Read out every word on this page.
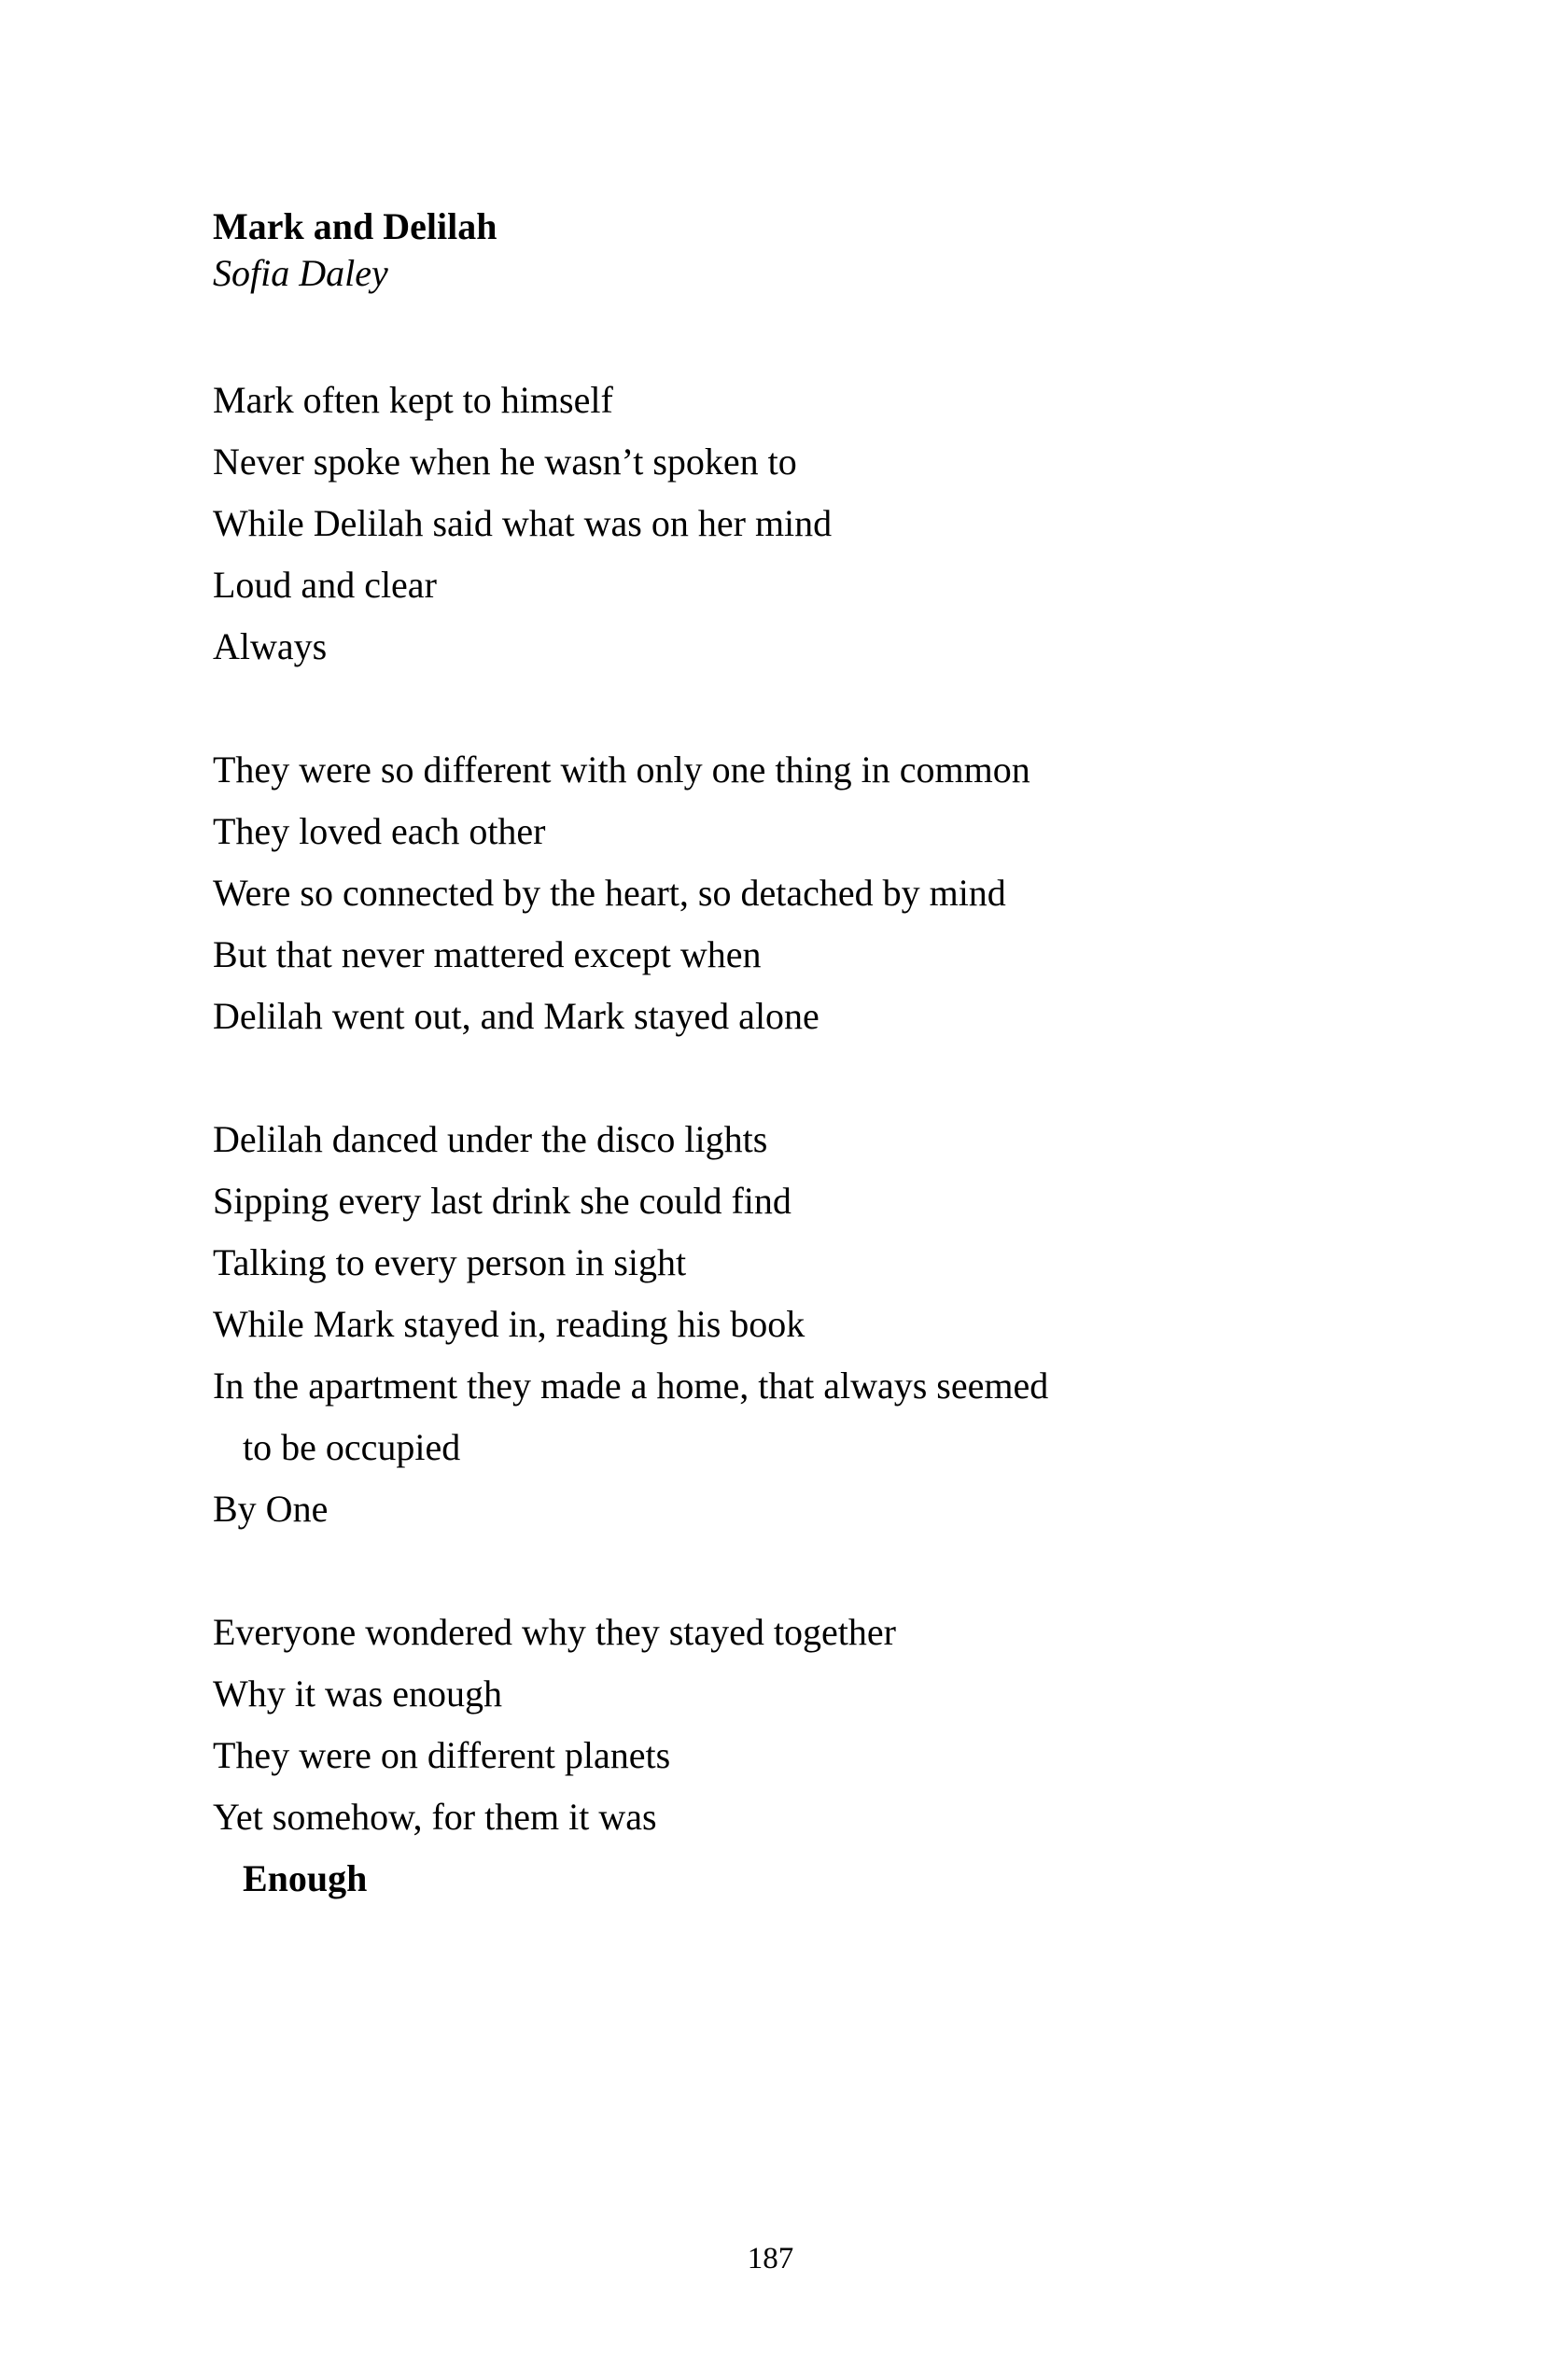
Mark and Delilah
Sofia Daley
Mark often kept to himself
Never spoke when he wasn’t spoken to
While Delilah said what was on her mind
Loud and clear
Always
They were so different with only one thing in common
They loved each other
Were so connected by the heart, so detached by mind
But that never mattered except when
Delilah went out, and Mark stayed alone
Delilah danced under the disco lights
Sipping every last drink she could find
Talking to every person in sight
While Mark stayed in, reading his book
In the apartment they made a home, that always seemed
to be occupied
By One
Everyone wondered why they stayed together
Why it was enough
They were on different planets
Yet somehow, for them it was
Enough
187
